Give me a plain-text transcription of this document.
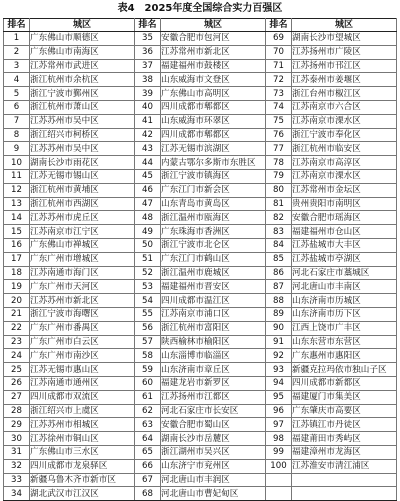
表4　2025年度全国综合实力百强区
排名	城区	排名	城区	排名	城区
1	广东佛山市顺德区	35	安徽合肥市包河区	69	湖南长沙市望城区
2	广东佛山市南海区	36	江苏常州市新北区	70	江苏扬州市广陵区
3	江苏常州市武进区	37	福建福州市鼓楼区	71	江苏扬州市邗江区
4	浙江杭州市余杭区	38	山东威海市文登区	72	江苏泰州市姜堰区
5	浙江宁波市鄞州区	39	广东佛山市高明区	73	浙江台州市椒江区
6	浙江杭州市萧山区	40	四川成都市郫都区	74	江苏南京市六合区
7	江苏苏州市吴中区	41	山东威海市环翠区	75	江苏南京市溧水区
8	浙江绍兴市柯桥区	42	四川成都市郫都区	76	浙江宁波市奉化区
9	江苏苏州市吴中区	43	江苏无锡市滨湖区	77	浙江杭州市临安区
10	湖南长沙市雨花区	44	内蒙古鄂尔多斯市东胜区	78	江苏南京市高淳区
11	江苏无锡市锡山区	45	浙江宁波市镇海区	79	江苏南京市溧水区
12	浙江杭州市黄埔区	46	广东江门市新会区	80	江苏常州市金坛区
13	浙江杭州市西湖区	47	山东青岛市黄岛区	81	贵州贵阳市南明区
14	江苏苏州市虎丘区	48	浙江温州市瓯海区	82	安徽合肥市瑶海区
15	江苏南京市江宁区	49	广东珠海市香洲区	83	福建福州市仓山区
16	广东佛山市禅城区	50	浙江宁波市北仑区	84	江苏盐城市大丰区
17	广东广州市增城区	51	广东江门市鹤山区	85	江苏盐城市亭湖区
18	江苏南通市海门区	52	浙江温州市鹿城区	86	河北石家庄市藁城区
19	广东广州市天河区	53	福建福州市晋安区	87	河北唐山市丰南区
20	江苏苏州市新北区	54	四川成都市温江区	88	山东济南市历城区
21	浙江宁波市海曙区	55	江苏南京市浦口区	89	山东济南市历下区
22	广东广州市番禺区	56	浙江杭州市富阳区	90	江西上饶市广丰区
23	广东广州市白云区	57	陕西榆林市榆阳区	91	山东东营市东营区
24	广东广州市南沙区	58	山东淄博市临淄区	92	广东惠州市惠阳区
25	江苏无锡市惠山区	59	山东济南市章丘区	93	新疆克拉玛依市独山子区
26	江苏南通市通州区	60	福建龙岩市新罗区	94	四川成都市新都区
27	四川成都市双流区	61	江苏扬州市江都区	95	福建厦门市集美区
28	浙江绍兴市上虞区	62	河北石家庄市长安区	96	广东肇庆市高要区
29	江苏苏州市相城区	63	安徽合肥市蜀山区	97	江苏镇江市丹徒区
30	江苏徐州市铜山区	64	湖南长沙市岳麓区	98	福建莆田市秀屿区
31	广东佛山市三水区	65	浙江湖州市吴兴区	99	福建漳州市龙海区
32	四川成都市龙泉驿区	66	山东济宁市兖州区	100	江苏淮安市清江浦区
33	新疆乌鲁木齐市新市区	67	河北唐山市丰润区		
34	湖北武汉市江汉区	68	河北唐山市曹妃甸区		
